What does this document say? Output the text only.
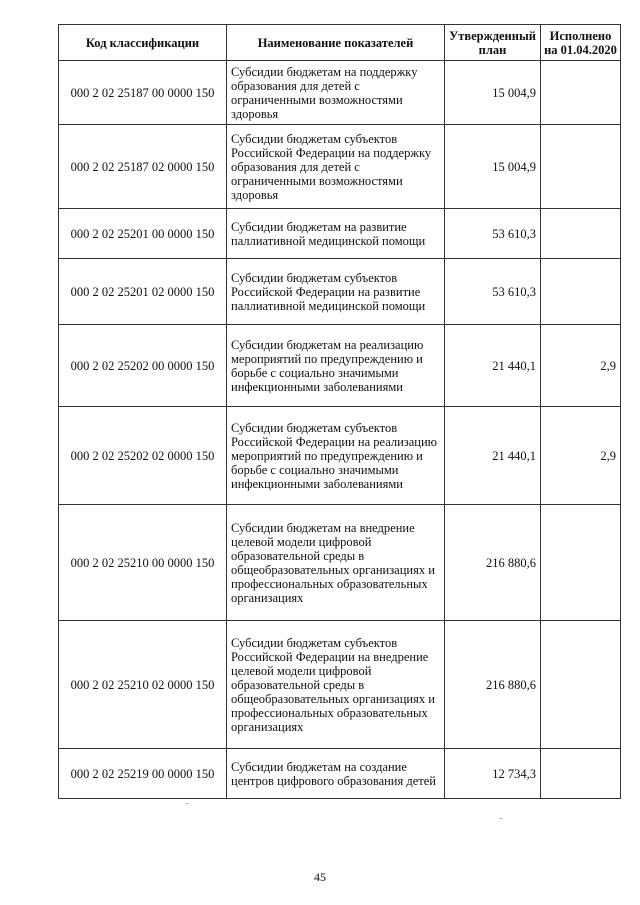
Код классификации	Наименование показателей	Утвержденный план	Исполнено на 01.04.2020
000 2 02 25187 00 0000 150	Субсидии бюджетам на поддержку образования для детей с ограниченными возможностями здоровья	15 004,9	
000 2 02 25187 02 0000 150	Субсидии бюджетам субъектов Российской Федерации на поддержку образования для детей с ограниченными возможностями здоровья	15 004,9	
000 2 02 25201 00 0000 150	Субсидии бюджетам на развитие паллиативной медицинской помощи	53 610,3	
000 2 02 25201 02 0000 150	Субсидии бюджетам субъектов Российской Федерации на развитие паллиативной медицинской помощи	53 610,3	
000 2 02 25202 00 0000 150	Субсидии бюджетам на реализацию мероприятий по предупреждению и борьбе с социально значимыми инфекционными заболеваниями	21 440,1	2,9
000 2 02 25202 02 0000 150	Субсидии бюджетам субъектов Российской Федерации на реализацию мероприятий по предупреждению и борьбе с социально значимыми инфекционными заболеваниями	21 440,1	2,9
000 2 02 25210 00 0000 150	Субсидии бюджетам на внедрение целевой модели цифровой образовательной среды в общеобразовательных организациях и профессиональных образовательных организациях	216 880,6	
000 2 02 25210 02 0000 150	Субсидии бюджетам субъектов Российской Федерации на внедрение целевой модели цифровой образовательной среды в общеобразовательных организациях и профессиональных образовательных организациях	216 880,6	
000 2 02 25219 00 0000 150	Субсидии бюджетам на создание центров цифрового образования детей	12 734,3	
45
